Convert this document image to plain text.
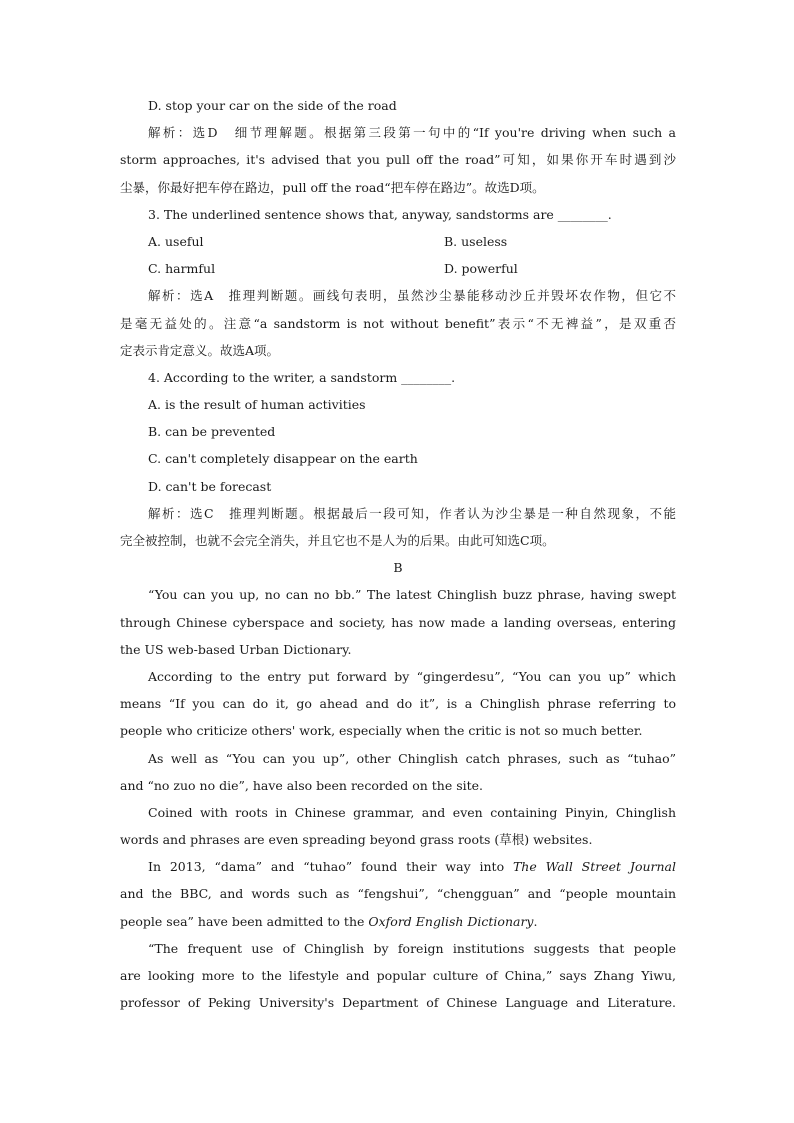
D. stop your car on the side of the road
解析：选D　细节理解题。根据第三段第一句中的“If you're driving when such a
storm approaches, it's advised that you pull off the road”可知，如果你开车时遇到沙
尘暴，你最好把车停在路边，pull off the road“把车停在路边”。故选D项。
3. The underlined sentence shows that, anyway, sandstorms are ________.
A. useful	B. useless
C. harmful	D. powerful
解析：选A　推理判断题。画线句表明，虽然沙尘暴能移动沙丘并毁坏农作物，但它不
是毫无益处的。注意“a sandstorm is not without benefit”表示“不无裨益”，是双重否
定表示肯定意义。故选A项。
4. According to the writer, a sandstorm ________.
A. is the result of human activities
B. can be prevented
C. can't completely disappear on the earth
D. can't be forecast
解析：选C　推理判断题。根据最后一段可知，作者认为沙尘暴是一种自然现象，不能
完全被控制，也就不会完全消失，并且它也不是人为的后果。由此可知选C项。
B
“You can you up, no can no bb.” The latest Chinglish buzz phrase, having swept
through Chinese cyberspace and society, has now made a landing overseas, entering
the US web-based Urban Dictionary.
According to the entry put forward by “gingerdesu”, “You can you up” which
means “If you can do it, go ahead and do it”, is a Chinglish phrase referring to
people who criticize others' work, especially when the critic is not so much better.
As well as “You can you up”, other Chinglish catch phrases, such as “tuhao”
and “no zuo no die”, have also been recorded on the site.
Coined with roots in Chinese grammar, and even containing Pinyin, Chinglish
words and phrases are even spreading beyond grass roots (草根) websites.
In 2013, “dama” and “tuhao” found their way into The Wall Street Journal
and the BBC, and words such as “fengshui”, “chengguan” and “people mountain
people sea” have been admitted to the Oxford English Dictionary.
“The frequent use of Chinglish by foreign institutions suggests that people
are looking more to the lifestyle and popular culture of China,” says Zhang Yiwu,
professor of Peking University's Department of Chinese Language and Literature.
